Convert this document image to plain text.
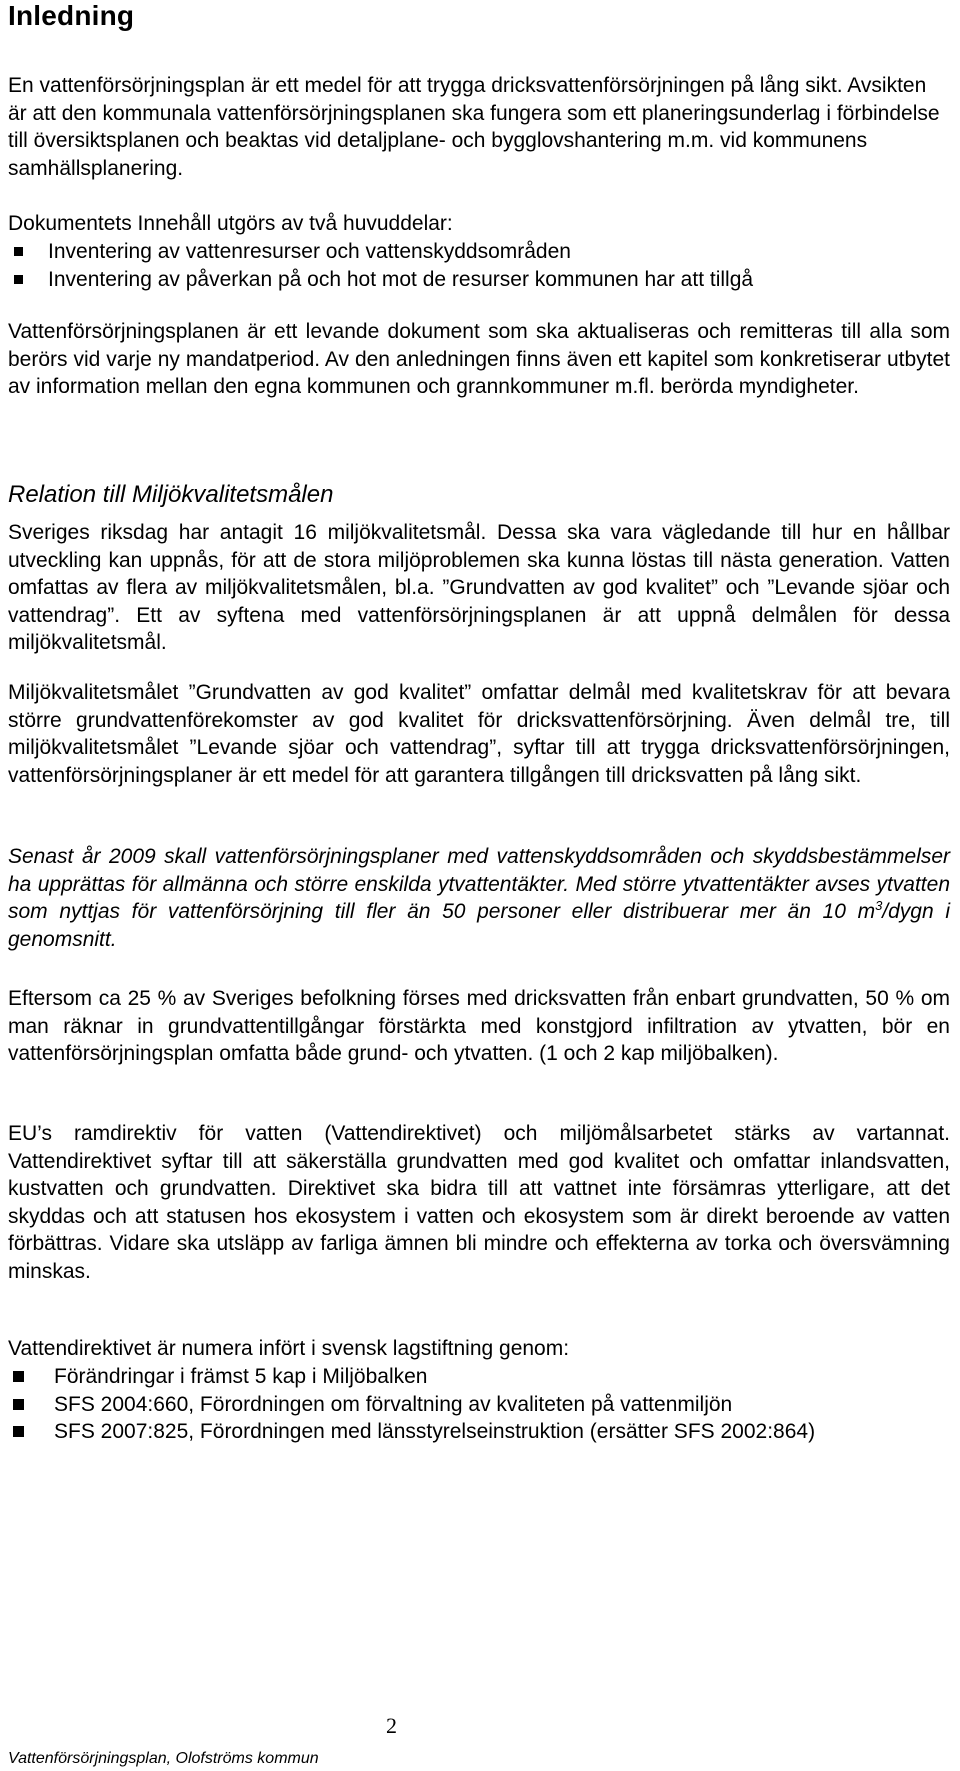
Inledning

En vattenförsörjningsplan är ett medel för att trygga dricksvattenförsörjningen på lång sikt. Avsikten är att den kommunala vattenförsörjningsplanen ska fungera som ett planeringsunderlag i förbindelse till översiktsplanen och beaktas vid detaljplane- och bygglovshantering m.m. vid kommunens samhällsplanering.

Dokumentets Innehåll utgörs av två huvuddelar:

Inventering av vattenresurser och vattenskyddsområden
Inventering av påverkan på och hot mot de resurser kommunen har att tillgå

Vattenförsörjningsplanen är ett levande dokument som ska aktualiseras och remitteras till alla som berörs vid varje ny mandatperiod. Av den anledningen finns även ett kapitel som konkretiserar utbytet av information mellan den egna kommunen och grannkommuner m.fl. berörda myndigheter.

Relation till Miljökvalitetsmålen

Sveriges riksdag har antagit 16 miljökvalitetsmål. Dessa ska vara vägledande till hur en hållbar utveckling kan uppnås, för att de stora miljöproblemen ska kunna löstas till nästa generation. Vatten omfattas av flera av miljökvalitetsmålen, bl.a. ”Grundvatten av god kvalitet” och ”Levande sjöar och vattendrag”. Ett av syftena med vattenförsörjningsplanen är att uppnå delmålen för dessa miljökvalitetsmål.

Miljökvalitetsmålet ”Grundvatten av god kvalitet” omfattar delmål med kvalitetskrav för att bevara större grundvattenförekomster av god kvalitet för dricksvattenförsörjning. Även delmål tre, till miljökvalitetsmålet ”Levande sjöar och vattendrag”, syftar till att trygga dricksvattenförsörjningen, vattenförsörjningsplaner är ett medel för att garantera tillgången till dricksvatten på lång sikt.

Senast år 2009 skall vattenförsörjningsplaner med vattenskyddsområden och skyddsbestämmelser ha upprättas för allmänna och större enskilda ytvattentäkter. Med större ytvattentäkter avses ytvatten som nyttjas för vattenförsörjning till fler än 50 personer eller distribuerar mer än 10 $m^3$/dygn i genomsnitt.

Eftersom ca 25 % av Sveriges befolkning förses med dricksvatten från enbart grundvatten, 50 % om man räknar in grundvattentillgångar förstärkta med konstgjord infiltration av ytvatten, bör en vattenförsörjningsplan omfatta både grund- och ytvatten. (1 och 2 kap miljöbalken).

EU’s ramdirektiv för vatten (Vattendirektivet) och miljömålsarbetet stärks av vartannat. Vattendirektivet syftar till att säkerställa grundvatten med god kvalitet och omfattar inlandsvatten, kustvatten och grundvatten. Direktivet ska bidra till att vattnet inte försämras ytterligare, att det skyddas och att statusen hos ekosystem i vatten och ekosystem som är direkt beroende av vatten förbättras. Vidare ska utsläpp av farliga ämnen bli mindre och effekterna av torka och översvämning minskas.

Vattendirektivet är numera infört i svensk lagstiftning genom:

Förändringar i främst 5 kap i Miljöbalken
SFS 2004:660, Förordningen om förvaltning av kvaliteten på vattenmiljön
SFS 2007:825, Förordningen med länsstyrelseinstruktion (ersätter SFS 2002:864)
2
Vattenförsörjningsplan, Olofströms kommun
